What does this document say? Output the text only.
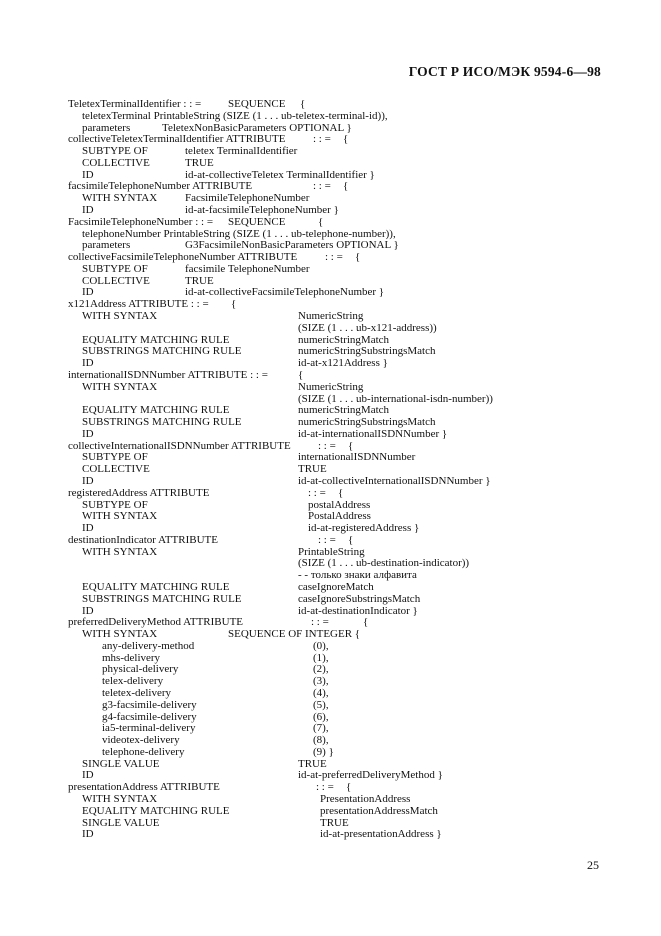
ГОСТ Р ИСО/МЭК 9594-6—98
TeletexTerminalIdentifier : : = SEQUENCE {
teletexTerminal PrintableString (SIZE (1 . . . ub-teletex-terminal-id)),
parameters	TeletexNonBasicParameters OPTIONAL }
collectiveTeletexTerminalIdentifier ATTRIBUTE	: : = {
SUBTYPE OF	teletex TerminalIdentifier
COLLECTIVE	TRUE
ID	id-at-collectiveTeletex TerminalIdentifier }
facsimileTelephoneNumber ATTRIBUTE	: : = {
WITH SYNTAX	FacsimileTelephoneNumber
ID	id-at-facsimileTelephoneNumber }
FacsimileTelephoneNumber : : = SEQUENCE	{
telephoneNumber PrintableString (SIZE (1 . . . ub-telephone-number)),
parameters	G3FacsimileNonBasicParameters OPTIONAL }
collectiveFacsimileTelephoneNumber ATTRIBUTE	: : = {
SUBTYPE OF	facsimile TelephoneNumber
COLLECTIVE	TRUE
ID	id-at-collectiveFacsimileTelephoneNumber }
x121Address ATTRIBUTE : : = {
WITH SYNTAX	NumericString
(SIZE (1 . . . ub-x121-address))
EQUALITY MATCHING RULE	numericStringMatch
SUBSTRINGS MATCHING RULE	numericStringSubstringsMatch
ID	id-at-x121Address }
internationalISDNNumber ATTRIBUTE : : =	{
WITH SYNTAX	NumericString
(SIZE (1 . . . ub-international-isdn-number))
EQUALITY MATCHING RULE	numericStringMatch
SUBSTRINGS MATCHING RULE	numericStringSubstringsMatch
ID	id-at-internationalISDNNumber }
collectiveInternationalISDNNumber ATTRIBUTE : : = {
SUBTYPE OF	internationalISDNNumber
COLLECTIVE	TRUE
ID	id-at-collectiveInternationalISDNNumber }
registeredAddress ATTRIBUTE	: : = {
SUBTYPE OF	postalAddress
WITH SYNTAX	PostalAddress
ID	id-at-registeredAddress }
destinationIndicator ATTRIBUTE	: : = {
WITH SYNTAX	PrintableString
(SIZE (1 . . . ub-destination-indicator))
- - только знаки алфавита
EQUALITY MATCHING RULE	caseIgnoreMatch
SUBSTRINGS MATCHING RULE	caseIgnoreSubstringsMatch
ID	id-at-destinationIndicator }
preferredDeliveryMethod ATTRIBUTE	: : =	{
WITH SYNTAX	SEQUENCE OF INTEGER {
any-delivery-method	(0),
mhs-delivery	(1),
physical-delivery	(2),
telex-delivery	(3),
teletex-delivery	(4),
g3-facsimile-delivery	(5),
g4-facsimile-delivery	(6),
ia5-terminal-delivery	(7),
videotex-delivery	(8),
telephone-delivery	(9) }
SINGLE VALUE	TRUE
ID	id-at-preferredDeliveryMethod }
presentationAddress ATTRIBUTE	: : = {
WITH SYNTAX	PresentationAddress
EQUALITY MATCHING RULE	presentationAddressMatch
SINGLE VALUE	TRUE
ID	id-at-presentationAddress }
25
